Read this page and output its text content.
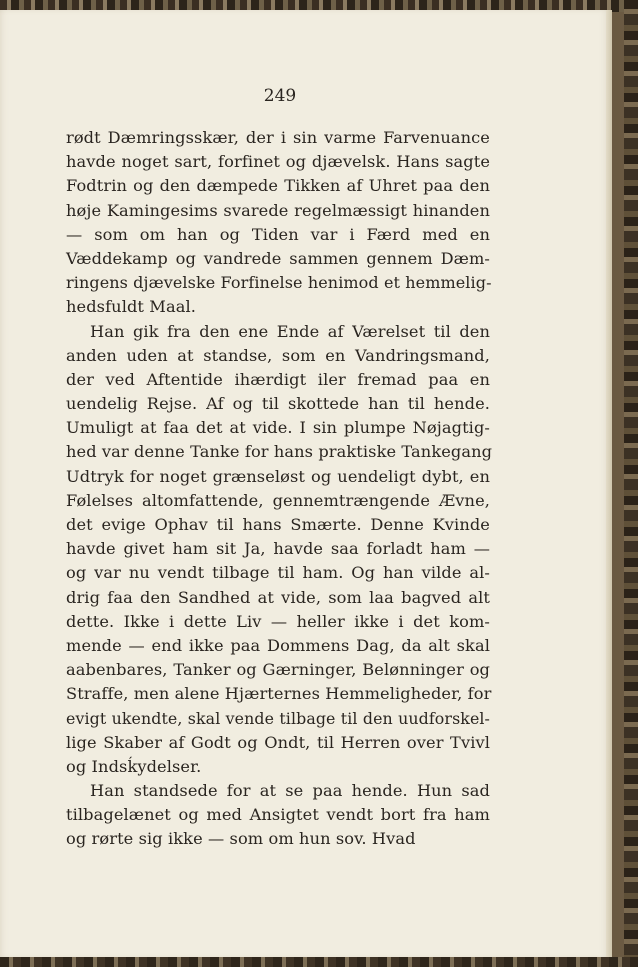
249

rødt Dæmringsskær, der i sin varme Farvenuance
havde noget sart, forfinet og djævelsk. Hans sagte
Fodtrin og den dæmpede Tikken af Uhret paa den
høje Kamingesims svarede regelmæssigt hinanden
— som om han og Tiden var i Færd med en
Væddekamp og vandrede sammen gennem Dæm-
ringens djævelske Forfinelse henimod et hemmelig-
hedsfuldt Maal.
Han gik fra den ene Ende af Værelset til den
anden uden at standse, som en Vandringsmand,
der ved Aftentide ihærdigt iler fremad paa en
uendelig Rejse. Af og til skottede han til hende.
Umuligt at faa det at vide. I sin plumpe Nøjagtig-
hed var denne Tanke for hans praktiske Tankegang
Udtryk for noget grænseløst og uendeligt dybt, en
Følelses altomfattende, gennemtrængende Ævne,
det evige Ophav til hans Smærte. Denne Kvinde
havde givet ham sit Ja, havde saa forladt ham —
og var nu vendt tilbage til ham. Og han vilde al-
drig faa den Sandhed at vide, som laa bagved alt
dette. Ikke i dette Liv — heller ikke i det kom-
mende — end ikke paa Dommens Dag, da alt skal
aabenbares, Tanker og Gærninger, Belønninger og
Straffe, men alene Hjærternes Hemmeligheder, for
evigt ukendte, skal vende tilbage til den uudforskel-
lige Skaber af Godt og Ondt, til Herren over Tvivl
og Indsḱydelser.
Han standsede for at se paa hende. Hun sad
tilbagelænet og med Ansigtet vendt bort fra ham
og rørte sig ikke — som om hun sov. Hvad
